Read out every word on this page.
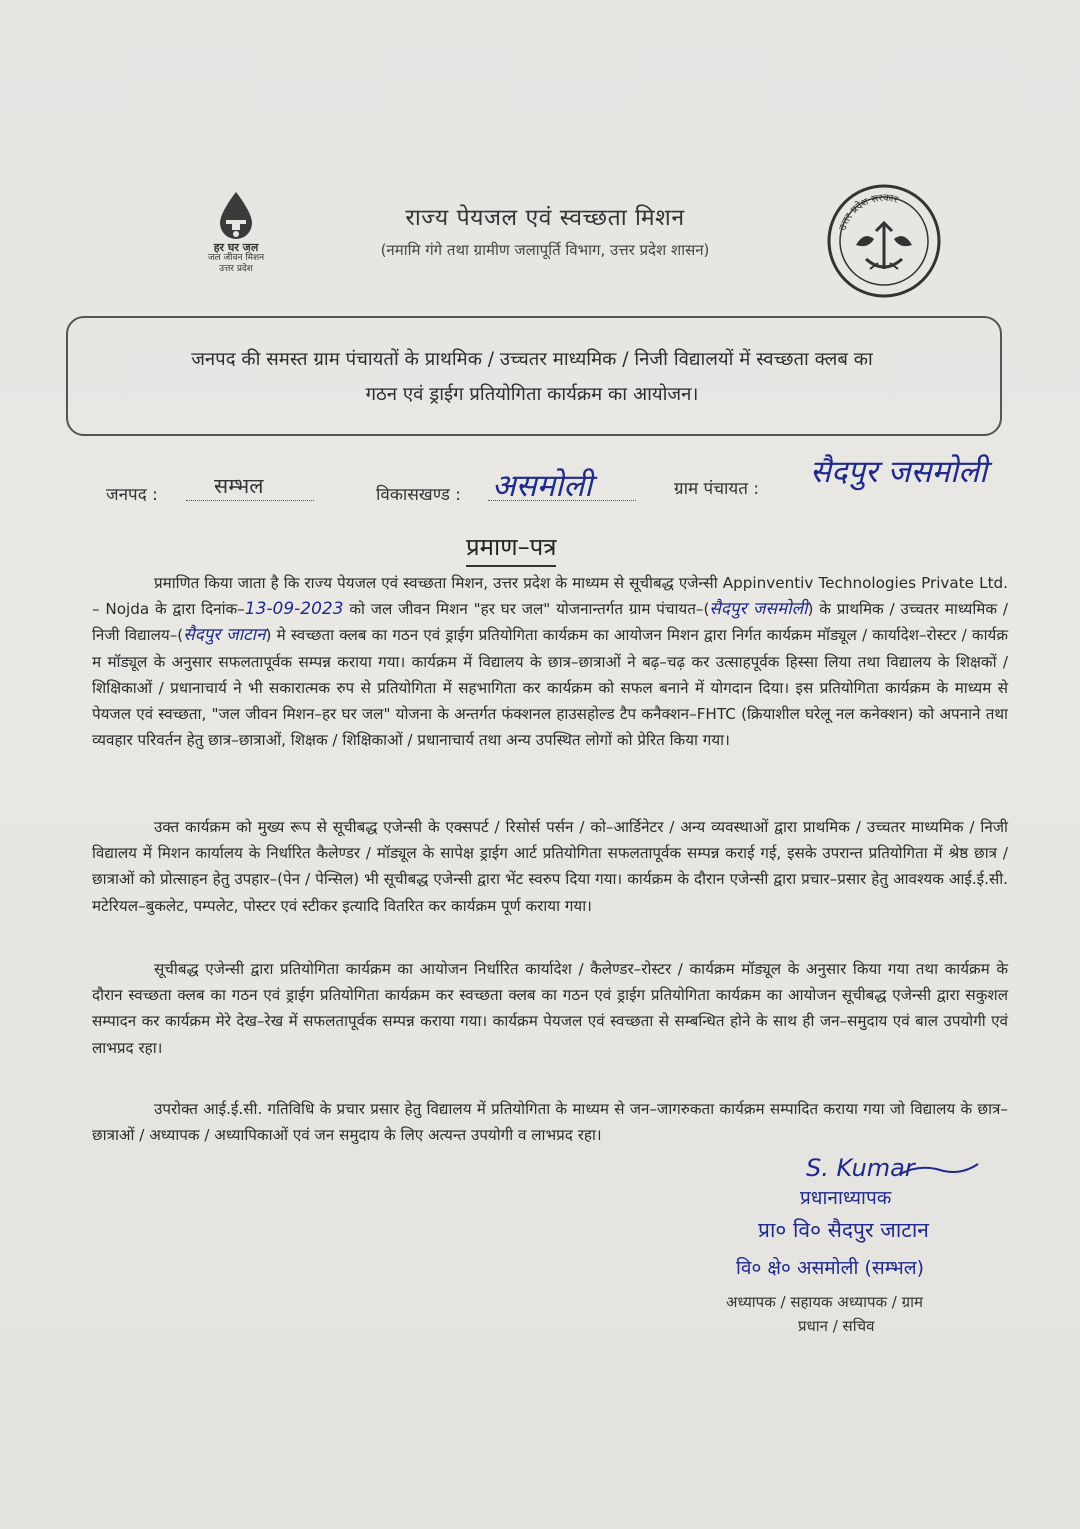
हर घर जल
जल जीवन मिशन
उत्तर प्रदेश
राज्य पेयजल एवं स्वच्छता मिशन
(नमामि गंगे तथा ग्रामीण जलापूर्ति विभाग, उत्तर प्रदेश शासन)
उत्तर प्रदेश सरकार
जनपद की समस्त ग्राम पंचायतों के प्राथमिक / उच्चतर माध्यमिक / निजी विद्यालयों में स्वच्छता क्लब का
गठन एवं ड्राईग प्रतियोगिता कार्यक्रम का आयोजन।
जनपद :	सम्भल	विकासखण्ड : असमोली	ग्राम पंचायत : सैदपुर जसमोली
प्रमाण–पत्र
प्रमाणित किया जाता है कि राज्य पेयजल एवं स्वच्छता मिशन, उत्तर प्रदेश के माध्यम से सूचीबद्ध एजेन्सी Appinventiv Technologies Private Ltd. – Nojda के द्वारा दिनांक–13-09-2023 को जल जीवन मिशन "हर घर जल" योजनान्तर्गत ग्राम पंचायत–(सैदपुर जसमोली) के प्राथमिक / उच्चतर माध्यमिक / निजी विद्यालय–(सैदपुर जाटान) मे स्वच्छता क्लब का गठन एवं ड्राईग प्रतियोगिता कार्यक्रम का आयोजन मिशन द्वारा निर्गत कार्यक्रम मॉड्यूल / कार्यादेश–रोस्टर / कार्यक्र म मॉड्यूल के अनुसार सफलतापूर्वक सम्पन्न कराया गया। कार्यक्रम में विद्यालय के छात्र–छात्राओं ने बढ़–चढ़ कर उत्साहपूर्वक हिस्सा लिया तथा विद्यालय के शिक्षकों / शिक्षिकाओं / प्रधानाचार्य ने भी सकारात्मक रुप से प्रतियोगिता में सहभागिता कर कार्यक्रम को सफल बनाने में योगदान दिया। इस प्रतियोगिता कार्यक्रम के माध्यम से पेयजल एवं स्वच्छता, "जल जीवन मिशन–हर घर जल" योजना के अन्तर्गत फंक्शनल हाउसहोल्ड टैप कनैक्शन–FHTC (क्रियाशील घरेलू नल कनेक्शन) को अपनाने तथा व्यवहार परिवर्तन हेतु छात्र–छात्राओं, शिक्षक / शिक्षिकाओं / प्रधानाचार्य तथा अन्य उपस्थित लोगों को प्रेरित किया गया।
उक्त कार्यक्रम को मुख्य रूप से सूचीबद्ध एजेन्सी के एक्सपर्ट / रिसोर्स पर्सन / को–आर्डिनेटर / अन्य व्यवस्थाओं द्वारा प्राथमिक / उच्चतर माध्यमिक / निजी विद्यालय में मिशन कार्यालय के निर्धारित कैलेण्डर / मॉड्यूल के सापेक्ष ड्राईग आर्ट प्रतियोगिता सफलतापूर्वक सम्पन्न कराई गई, इसके उपरान्त प्रतियोगिता में श्रेष्ठ छात्र / छात्राओं को प्रोत्साहन हेतु उपहार–(पेन / पेन्सिल) भी सूचीबद्ध एजेन्सी द्वारा भेंट स्वरुप दिया गया। कार्यक्रम के दौरान एजेन्सी द्वारा प्रचार–प्रसार हेतु आवश्यक आई.ई.सी. मटेरियल–बुकलेट, पम्पलेट, पोस्टर एवं स्टीकर इत्यादि वितरित कर कार्यक्रम पूर्ण कराया गया।
सूचीबद्ध एजेन्सी द्वारा प्रतियोगिता कार्यक्रम का आयोजन निर्धारित कार्यादेश / कैलेण्डर–रोस्टर / कार्यक्रम मॉड्यूल के अनुसार किया गया तथा कार्यक्रम के दौरान स्वच्छता क्लब का गठन एवं ड्राईग प्रतियोगिता कार्यक्रम कर स्वच्छता क्लब का गठन एवं ड्राईग प्रतियोगिता कार्यक्रम का आयोजन सूचीबद्ध एजेन्सी द्वारा सकुशल सम्पादन कर कार्यक्रम मेरे देख–रेख में सफलतापूर्वक सम्पन्न कराया गया। कार्यक्रम पेयजल एवं स्वच्छता से सम्बन्धित होने के साथ ही जन–समुदाय एवं बाल उपयोगी एवं लाभप्रद रहा।
उपरोक्त आई.ई.सी. गतिविधि के प्रचार प्रसार हेतु विद्यालय में प्रतियोगिता के माध्यम से जन–जागरुकता कार्यक्रम सम्पादित कराया गया जो विद्यालय के छात्र–छात्राओं / अध्यापक / अध्यापिकाओं एवं जन समुदाय के लिए अत्यन्त उपयोगी व लाभप्रद रहा।
S. Kumar
प्रधानाध्यापक
प्रा० वि० सैदपुर जाटान
वि० क्षे० असमोली (सम्भल)
अध्यापक / सहायक अध्यापक / ग्राम
प्रधान / सचिव
